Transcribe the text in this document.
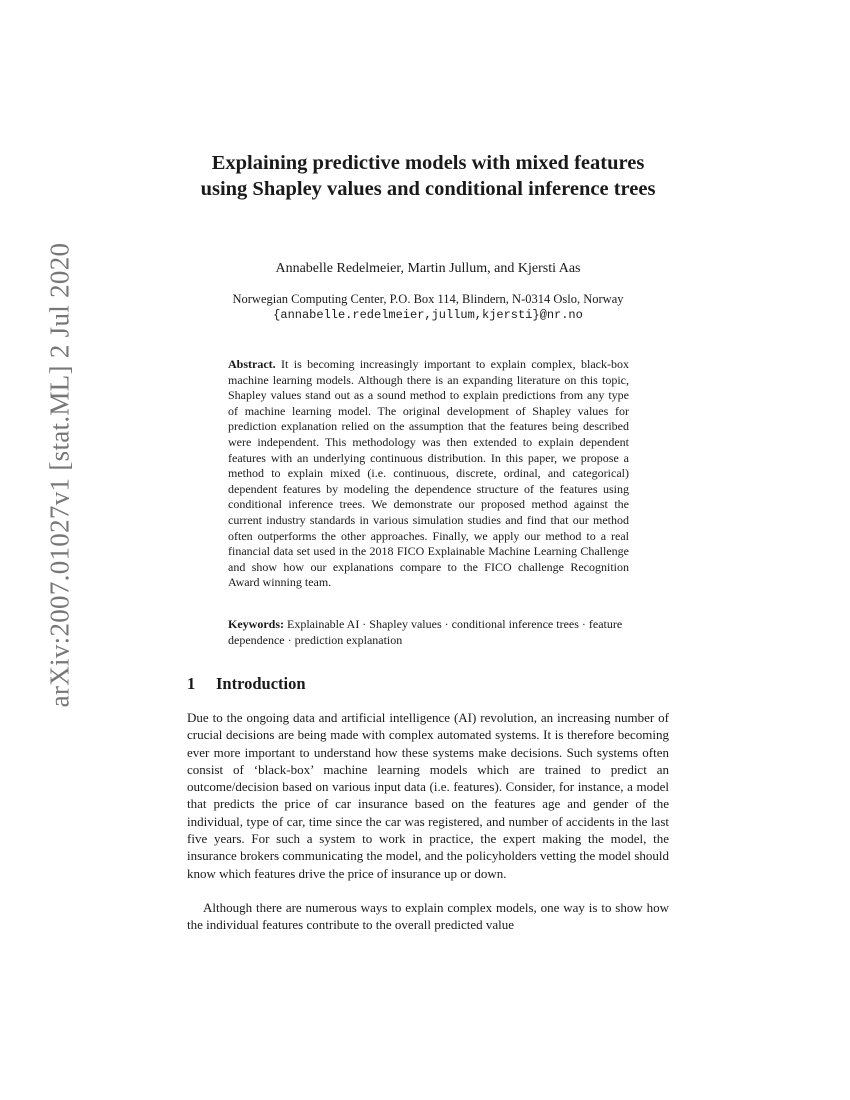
arXiv:2007.01027v1 [stat.ML] 2 Jul 2020
Explaining predictive models with mixed features using Shapley values and conditional inference trees
Annabelle Redelmeier, Martin Jullum, and Kjersti Aas
Norwegian Computing Center, P.O. Box 114, Blindern, N-0314 Oslo, Norway
{annabelle.redelmeier,jullum,kjersti}@nr.no

Abstract. It is becoming increasingly important to explain complex, black-box machine learning models. Although there is an expanding literature on this topic, Shapley values stand out as a sound method to explain predictions from any type of machine learning model. The original development of Shapley values for prediction explanation relied on the assumption that the features being described were independent. This methodology was then extended to explain dependent features with an underlying continuous distribution. In this paper, we propose a method to explain mixed (i.e. continuous, discrete, ordinal, and categorical) dependent features by modeling the dependence structure of the features using conditional inference trees. We demonstrate our proposed method against the current industry standards in various simulation studies and find that our method often outperforms the other approaches. Finally, we apply our method to a real financial data set used in the 2018 FICO Explainable Machine Learning Challenge and show how our explanations compare to the FICO challenge Recognition Award winning team.

Keywords: Explainable AI · Shapley values · conditional inference trees · feature dependence · prediction explanation

1 Introduction

Due to the ongoing data and artificial intelligence (AI) revolution, an increasing number of crucial decisions are being made with complex automated systems. It is therefore becoming ever more important to understand how these systems make decisions. Such systems often consist of ‘black-box’ machine learning models which are trained to predict an outcome/decision based on various input data (i.e. features). Consider, for instance, a model that predicts the price of car insurance based on the features age and gender of the individual, type of car, time since the car was registered, and number of accidents in the last five years. For such a system to work in practice, the expert making the model, the insurance brokers communicating the model, and the policyholders vetting the model should know which features drive the price of insurance up or down.

Although there are numerous ways to explain complex models, one way is to show how the individual features contribute to the overall predicted value
